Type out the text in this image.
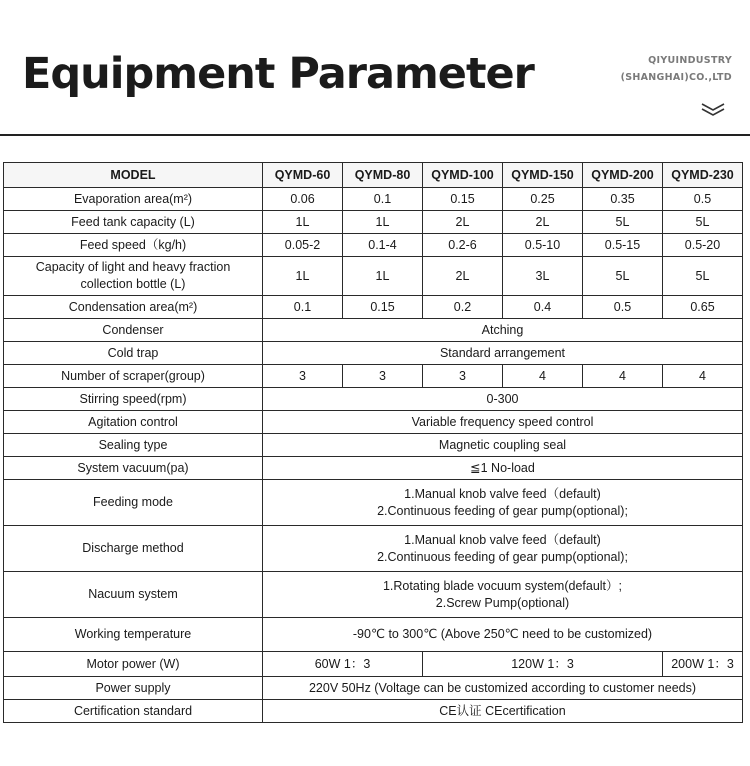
Equipment Parameter	QIYUINDUSTRY
(SHANGHAI)CO.,LTD
MODEL	QYMD-60	QYMD-80	QYMD-100	QYMD-150	QYMD-200	QYMD-230
Evaporation area(m²)	0.06	0.1	0.15	0.25	0.35	0.5
Feed tank capacity (L)	1L	1L	2L	2L	5L	5L
Feed speed（kg/h)	0.05-2	0.1-4	0.2-6	0.5-10	0.5-15	0.5-20

Capacity of light and heavy fraction
collection bottle (L)	1L	1L	2L	3L	5L	5L
Condensation area(m²)	0.1	0.15	0.2	0.4	0.5	0.65
Condenser	Atching					
Cold trap	Standard arrangement					
Number of scraper(group)	3	3	3	4	4	4
Stirring speed(rpm)	0-300					
Agitation control	Variable frequency speed control					
Sealing type	Magnetic coupling seal					
System vacuum(pa)	≦1 No-load					
Feeding mode	1.Manual knob valve feed（default)
2.Continuous feeding of gear pump(optional);					

Discharge method	1.Manual knob valve feed（default)
2.Continuous feeding of gear pump(optional);					

Nacuum system	1.Rotating blade vocuum system(default）;
2.Screw Pump(optional)					

Working temperature	-90℃ to 300℃ (Above 250℃ need to be customized)					
Motor power (W)	60W 1：3		120W 1：3			200W 1：3
Power supply	220V 50Hz (Voltage can be customized according to customer needs)					
Certification standard	CE认证 CEcertification					
